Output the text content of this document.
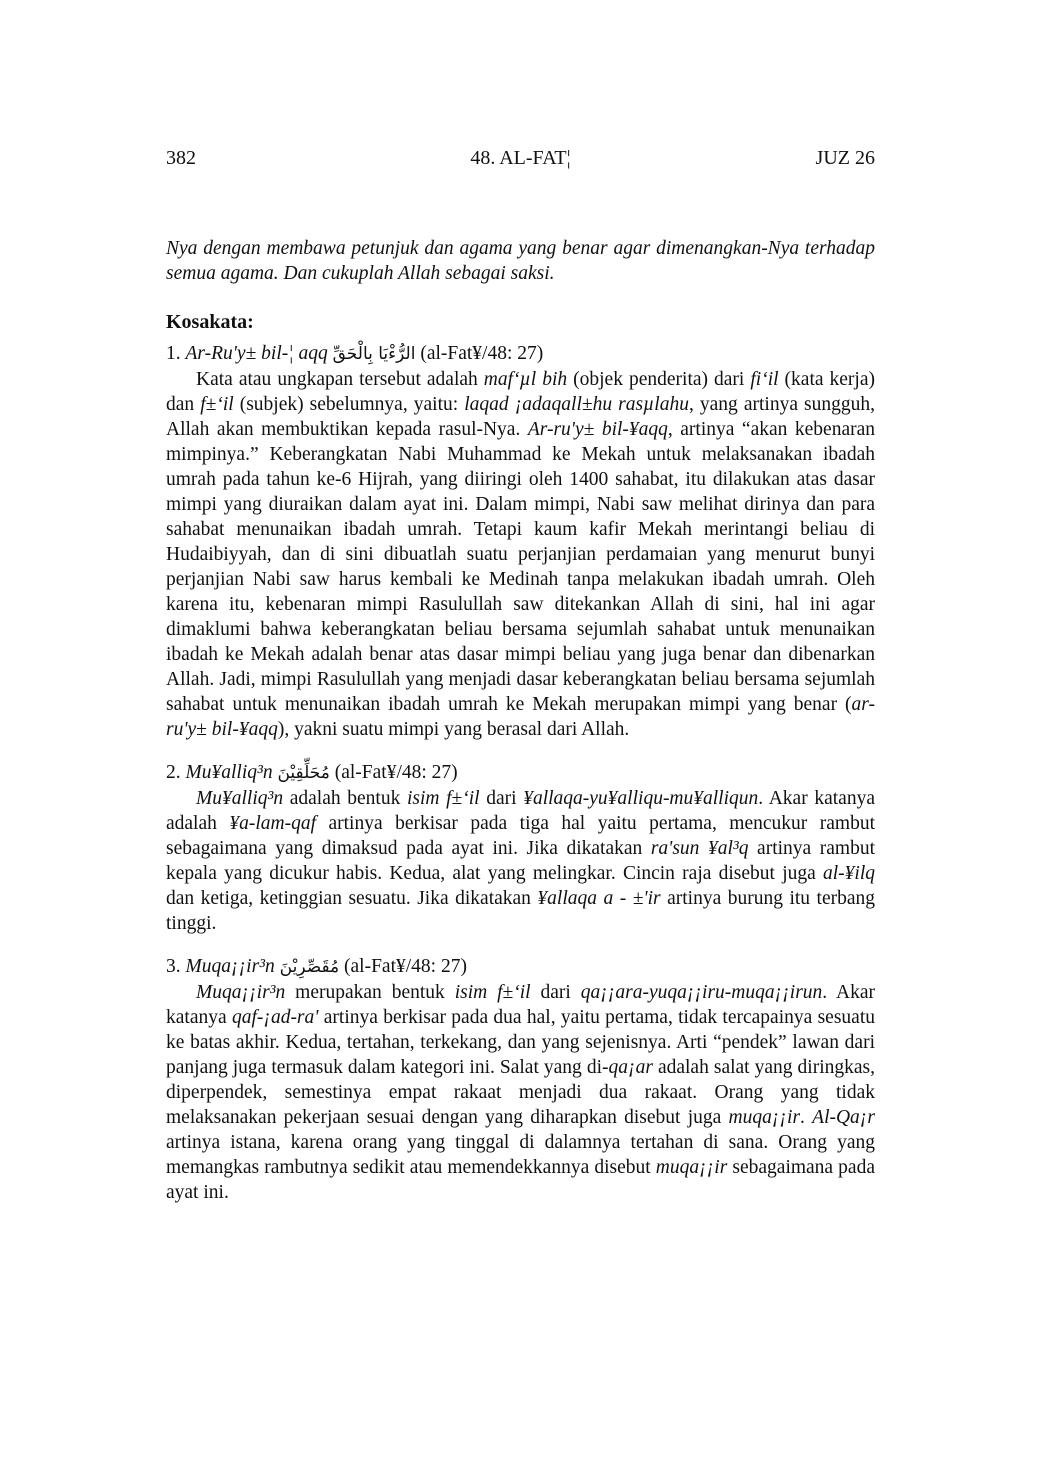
382	48. AL-FAT¦	JUZ 26

Nya dengan membawa petunjuk dan agama yang benar agar dimenangkan-Nya terhadap semua agama. Dan cukuplah Allah sebagai saksi.

Kosakata:

1. Ar-Ru'y± bil-¦ aqq الرُّءْيَا بِالْحَقِّ (al-Fat¥/48: 27)

Kata atau ungkapan tersebut adalah maf‘µl bih (objek penderita) dari fi‘il (kata kerja) dan f±‘il (subjek) sebelumnya, yaitu: laqad ¡adaqall±hu rasµlahu, yang artinya sungguh, Allah akan membuktikan kepada rasul-Nya. Ar-ru'y± bil-¥aqq, artinya “akan kebenaran mimpinya.” Keberangkatan Nabi Muhammad ke Mekah untuk melaksanakan ibadah umrah pada tahun ke-6 Hijrah, yang diiringi oleh 1400 sahabat, itu dilakukan atas dasar mimpi yang diuraikan dalam ayat ini. Dalam mimpi, Nabi saw melihat dirinya dan para sahabat menunaikan ibadah umrah. Tetapi kaum kafir Mekah merintangi beliau di Hudaibiyyah, dan di sini dibuatlah suatu perjanjian perdamaian yang menurut bunyi perjanjian Nabi saw harus kembali ke Medinah tanpa melakukan ibadah umrah. Oleh karena itu, kebenaran mimpi Rasulullah saw ditekankan Allah di sini, hal ini agar dimaklumi bahwa keberangkatan beliau bersama sejumlah sahabat untuk menunaikan ibadah ke Mekah adalah benar atas dasar mimpi beliau yang juga benar dan dibenarkan Allah. Jadi, mimpi Rasulullah yang menjadi dasar keberangkatan beliau bersama sejumlah sahabat untuk menunaikan ibadah umrah ke Mekah merupakan mimpi yang benar (ar-ru'y± bil-¥aqq), yakni suatu mimpi yang berasal dari Allah.

2. Mu¥alliq³n مُحَلِّقِيْنَ (al-Fat¥/48: 27)

Mu¥alliq³n adalah bentuk isim f±‘il dari ¥allaqa-yu¥alliqu-mu¥alliqun. Akar katanya adalah ¥a-lam-qaf artinya berkisar pada tiga hal yaitu pertama, mencukur rambut sebagaimana yang dimaksud pada ayat ini. Jika dikatakan ra'sun ¥al³q artinya rambut kepala yang dicukur habis. Kedua, alat yang melingkar. Cincin raja disebut juga al-¥ilq dan ketiga, ketinggian sesuatu. Jika dikatakan ¥allaqa a - ±'ir artinya burung itu terbang tinggi.

3. Muqa¡¡ir³n مُقَصِّرِيْنَ (al-Fat¥/48: 27)

Muqa¡¡ir³n merupakan bentuk isim f±‘il dari qa¡¡ara-yuqa¡¡iru-muqa¡¡irun. Akar katanya qaf-¡ad-ra' artinya berkisar pada dua hal, yaitu pertama, tidak tercapainya sesuatu ke batas akhir. Kedua, tertahan, terkekang, dan yang sejenisnya. Arti “pendek” lawan dari panjang juga termasuk dalam kategori ini. Salat yang di-qa¡ar adalah salat yang diringkas, diperpendek, semestinya empat rakaat menjadi dua rakaat. Orang yang tidak melaksanakan pekerjaan sesuai dengan yang diharapkan disebut juga muqa¡¡ir. Al-Qa¡r artinya istana, karena orang yang tinggal di dalamnya tertahan di sana. Orang yang memangkas rambutnya sedikit atau memendekkannya disebut muqa¡¡ir sebagaimana pada ayat ini.
